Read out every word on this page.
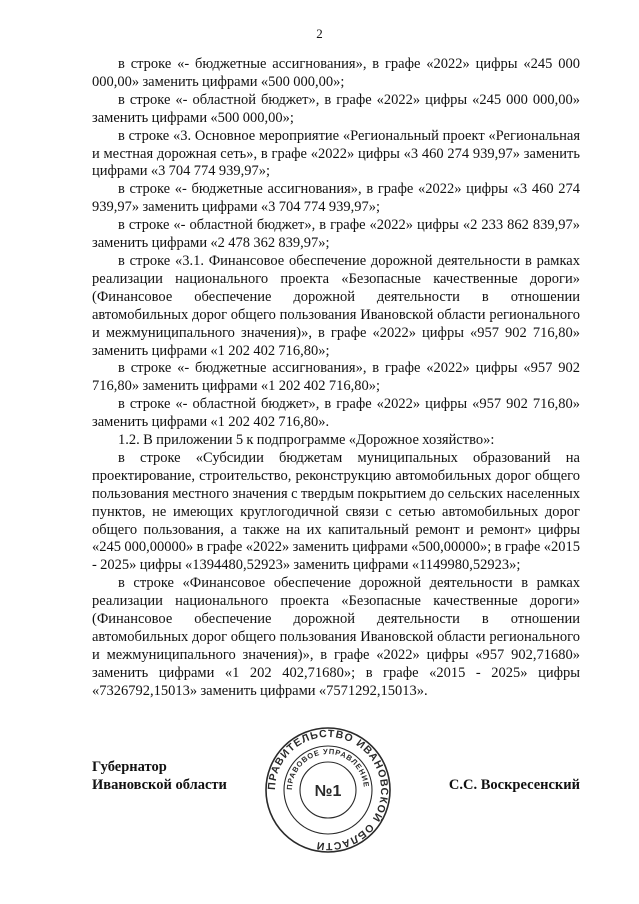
2

в строке «- бюджетные ассигнования», в графе «2022» цифры «245 000 000,00» заменить цифрами «500 000,00»;

в строке «- областной бюджет», в графе «2022» цифры «245 000 000,00» заменить цифрами «500 000,00»;

в строке «3. Основное мероприятие «Региональный проект «Региональная и местная дорожная сеть», в графе «2022» цифры «3 460 274 939,97» заменить цифрами «3 704 774 939,97»;

в строке «- бюджетные ассигнования», в графе «2022» цифры «3 460 274 939,97» заменить цифрами «3 704 774 939,97»;

в строке «- областной бюджет», в графе «2022» цифры «2 233 862 839,97» заменить цифрами «2 478 362 839,97»;

в строке «3.1. Финансовое обеспечение дорожной деятельности в рамках реализации национального проекта «Безопасные качественные дороги» (Финансовое обеспечение дорожной деятельности в отношении автомобильных дорог общего пользования Ивановской области регионального и межмуниципального значения)», в графе «2022» цифры «957 902 716,80» заменить цифрами «1 202 402 716,80»;

в строке «- бюджетные ассигнования», в графе «2022» цифры «957 902 716,80» заменить цифрами «1 202 402 716,80»;

в строке «- областной бюджет», в графе «2022» цифры «957 902 716,80» заменить цифрами «1 202 402 716,80».

1.2. В приложении 5 к подпрограмме «Дорожное хозяйство»:

в строке «Субсидии бюджетам муниципальных образований на проектирование, строительство, реконструкцию автомобильных дорог общего пользования местного значения с твердым покрытием до сельских населенных пунктов, не имеющих круглогодичной связи с сетью автомобильных дорог общего пользования, а также на их капитальный ремонт и ремонт» цифры «245 000,00000» в графе «2022» заменить цифрами «500,00000»; в графе «2015 - 2025» цифры «1394480,52923» заменить цифрами «1149980,52923»;

в строке «Финансовое обеспечение дорожной деятельности в рамках реализации национального проекта «Безопасные качественные дороги» (Финансовое обеспечение дорожной деятельности в отношении автомобильных дорог общего пользования Ивановской области регионального и межмуниципального значения)», в графе «2022» цифры «957 902,71680» заменить цифрами «1 202 402,71680»; в графе «2015 - 2025» цифры «7326792,15013» заменить цифрами «7571292,15013».

Губернатор
Ивановской области	С.С. Воскресенский
ПРАВИТЕЛЬСТВО ИВАНОВСКОЙ ОБЛАСТИ
ПРАВОВОЕ УПРАВЛЕНИЕ
№1
